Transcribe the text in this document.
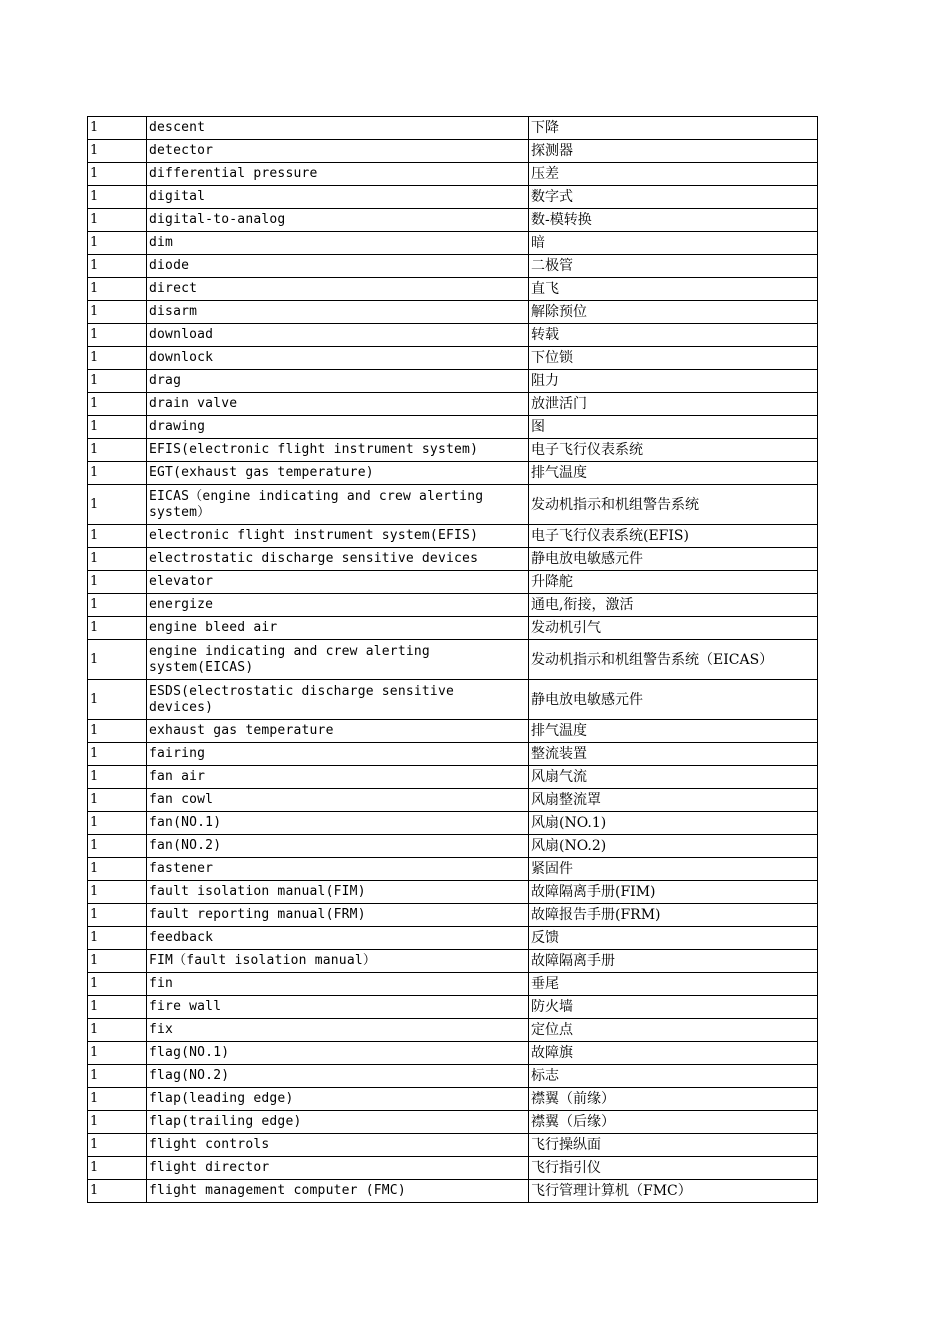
1	descent	下降
1	detector	探测器
1	differential pressure	压差
1	digital	数字式
1	digital-to-analog	数-模转换
1	dim	暗
1	diode	二极管
1	direct	直飞
1	disarm	解除预位
1	download	转载
1	downlock	下位锁
1	drag	阻力
1	drain valve	放泄活门
1	drawing	图
1	EFIS(electronic flight instrument system)	电子飞行仪表系统
1	EGT(exhaust gas temperature)	排气温度
1	EICAS（engine indicating and crew alerting system）	发动机指示和机组警告系统
1	electronic flight instrument system(EFIS)	电子飞行仪表系统(EFIS)
1	electrostatic discharge sensitive devices	静电放电敏感元件
1	elevator	升降舵
1	energize	通电,衔接，激活
1	engine bleed air	发动机引气
1	engine indicating and crew alerting system(EICAS)	发动机指示和机组警告系统（EICAS）
1	ESDS(electrostatic discharge sensitive devices)	静电放电敏感元件
1	exhaust gas temperature	排气温度
1	fairing	整流装置
1	fan air	风扇气流
1	fan cowl	风扇整流罩
1	fan(NO.1)	风扇(NO.1)
1	fan(NO.2)	风扇(NO.2)
1	fastener	紧固件
1	fault isolation manual(FIM)	故障隔离手册(FIM)
1	fault reporting manual(FRM)	故障报告手册(FRM)
1	feedback	反馈
1	FIM（fault isolation manual）	故障隔离手册
1	fin	垂尾
1	fire wall	防火墙
1	fix	定位点
1	flag(NO.1)	故障旗
1	flag(NO.2)	标志
1	flap(leading edge)	襟翼（前缘）
1	flap(trailing edge)	襟翼（后缘）
1	flight controls	飞行操纵面
1	flight director	飞行指引仪
1	flight management computer (FMC)	飞行管理计算机（FMC）
